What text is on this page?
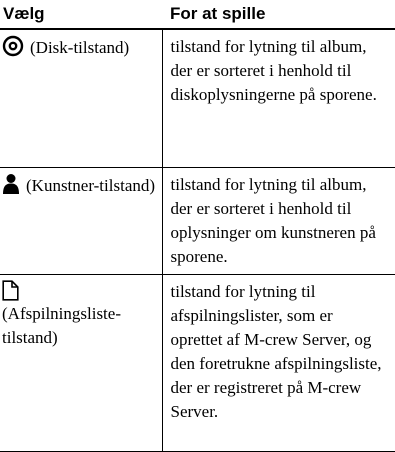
Vælg	For at spille
(Disk-tilstand)	tilstand for lytning til album, der er sorteret i henhold til diskoplysningerne på sporene.
(Kunstner-tilstand)	tilstand for lytning til album, der er sorteret i henhold til oplysninger om kunstneren på sporene.

(Afspilningsliste-tilstand)	tilstand for lytning til afspilningslister, som er oprettet af M-crew Server, og den foretrukne afspilningsliste, der er registreret på M-crew Server.
